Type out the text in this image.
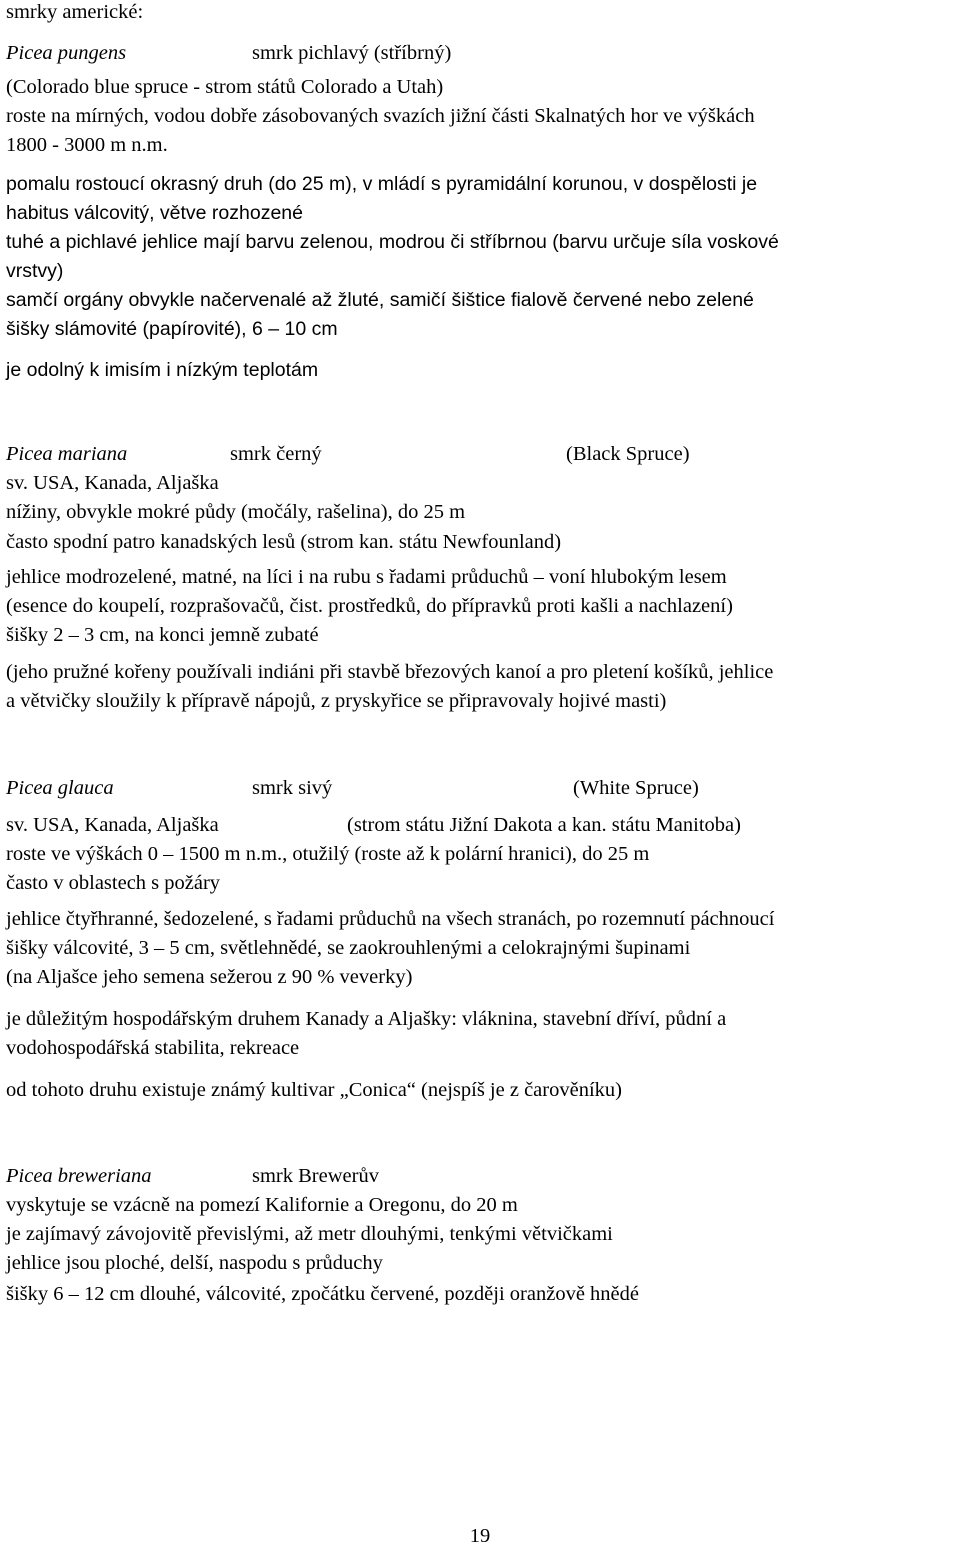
smrky americké:
Picea pungens	smrk pichlavý (stříbrný)
(Colorado blue spruce - strom států Colorado a Utah)
roste na mírných, vodou dobře zásobovaných svazích jižní části Skalnatých hor ve výškách
1800 - 3000 m n.m.
pomalu rostoucí okrasný druh (do 25 m), v mládí s pyramidální korunou, v dospělosti je
habitus válcovitý, větve rozhozené
tuhé a pichlavé jehlice mají barvu zelenou, modrou či stříbrnou (barvu určuje síla voskové
vrstvy)
samčí orgány obvykle načervenalé až žluté, samičí šištice fialově červené nebo zelené
šišky slámovité (papírovité), 6 – 10 cm
je odolný k imisím i nízkým teplotám
Picea mariana	smrk černý	(Black Spruce)
sv. USA, Kanada, Aljaška
nížiny, obvykle mokré půdy (močály, rašelina), do 25 m
často spodní patro kanadských lesů (strom kan. státu Newfounland)
jehlice modrozelené, matné, na líci i na rubu s řadami průduchů – voní hlubokým lesem
(esence do koupelí, rozprašovačů, čist. prostředků, do přípravků proti kašli a nachlazení)
šišky 2 – 3 cm, na konci jemně zubaté
(jeho pružné kořeny používali indiáni při stavbě březových kanoí a pro pletení košíků, jehlice
a větvičky sloužily k přípravě nápojů, z pryskyřice se připravovaly hojivé masti)
Picea glauca	smrk sivý	(White Spruce)
sv. USA, Kanada, Aljaška	(strom státu Jižní Dakota a kan. státu Manitoba)
roste ve výškách 0 – 1500 m n.m., otužilý (roste až k polární hranici), do 25 m
často v oblastech s požáry
jehlice čtyřhranné, šedozelené, s řadami průduchů na všech stranách, po rozemnutí páchnoucí
šišky válcovité, 3 – 5 cm, světlehnědé, se zaokrouhlenými a celokrajnými šupinami
(na Aljašce jeho semena sežerou z 90 % veverky)
je důležitým hospodářským druhem Kanady a Aljašky: vláknina, stavební dříví, půdní a
vodohospodářská stabilita, rekreace
od tohoto druhu existuje známý kultivar „Conica“ (nejspíš je z čarověníku)
Picea breweriana	smrk Brewerův
vyskytuje se vzácně na pomezí Kalifornie a Oregonu, do 20 m
je zajímavý závojovitě převislými, až metr dlouhými, tenkými větvičkami
jehlice jsou ploché, delší, naspodu s průduchy
šišky 6 – 12 cm dlouhé, válcovité, zpočátku červené, později oranžově hnědé
19
